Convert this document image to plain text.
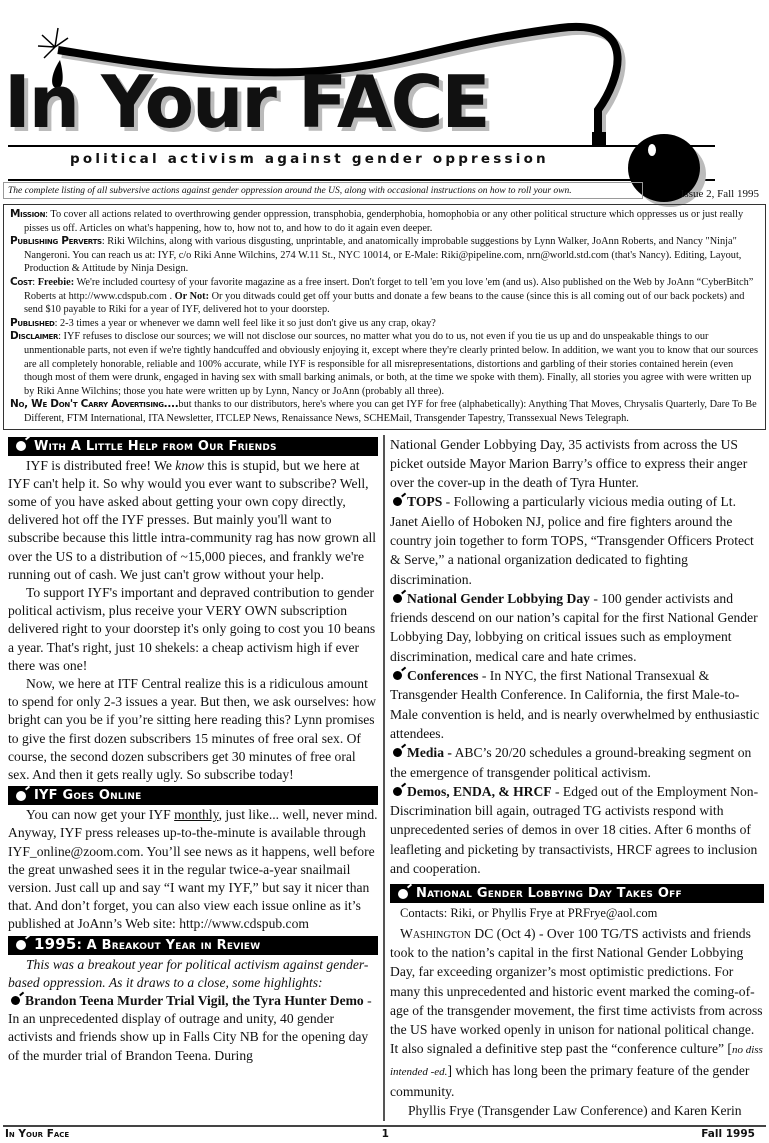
In Your FACE
political activism against gender oppression
The complete listing of all subversive actions against gender oppression around the US, along with occasional instructions on how to roll your own.	Issue 2, Fall 1995

Mission: To cover all actions related to overthrowing gender oppression, transphobia, genderphobia, homophobia or any other political structure which oppresses us or just really pisses us off. Articles on what's happening, how to, how not to, and how to do it again even deeper.

Publishing Perverts: Riki Wilchins, along with various disgusting, unprintable, and anatomically improbable suggestions by Lynn Walker, JoAnn Roberts, and Nancy "Ninja" Nangeroni. You can reach us at: IYF, c/o Riki Anne Wilchins, 274 W.11 St., NYC 10014, or E-Male: Riki@pipeline.com, nrn@world.std.com (that's Nancy). Editing, Layout, Production & Attitude by Ninja Design.

Cost: Freebie: We're included courtesy of your favorite magazine as a free insert. Don't forget to tell 'em you love 'em (and us). Also published on the Web by JoAnn “CyberBitch” Roberts at http://www.cdspub.com . Or Not: Or you ditwads could get off your butts and donate a few beans to the cause (since this is all coming out of our back pockets) and send $10 payable to Riki for a year of IYF, delivered hot to your doorstep.

Published: 2-3 times a year or whenever we damn well feel like it so just don't give us any crap, okay?

Disclaimer: IYF refuses to disclose our sources; we will not disclose our sources, no matter what you do to us, not even if you tie us up and do unspeakable things to our unmentionable parts, not even if we're tightly handcuffed and obviously enjoying it, except where they're clearly printed below. In addition, we want you to know that our sources are all completely honorable, reliable and 100% accurate, while IYF is responsible for all misrepresentations, distortions and garbling of their stories contained herein (even though most of them were drunk, engaged in having sex with small barking animals, or both, at the time we spoke with them). Finally, all stories you agree with were written up by Riki Anne Wilchins; those you hate were written up by Lynn, Nancy or JoAnn (probably all three).

No, We Don't Carry Advertising....but thanks to our distributors, here's where you can get IYF for free (alphabetically): Anything That Moves, Chrysalis Quarterly, Dare To Be Different, FTM International, ITA Newsletter, ITCLEP News, Renaissance News, SCHEMail, Transgender Tapestry, Transsexual News Telegraph.

With A Little Help from Our Friends

IYF is distributed free! We know this is stupid, but we here at IYF can't help it. So why would you ever want to subscribe? Well, some of you have asked about getting your own copy directly, delivered hot off the IYF presses. But mainly you'll want to subscribe because this little intra-community rag has now grown all over the US to a distribution of ~15,000 pieces, and frankly we're running out of cash. We just can't grow without your help.

To support IYF's important and depraved contribution to gender political activism, plus receive your VERY OWN subscription delivered right to your doorstep it's only going to cost you 10 beans a year. That's right, just 10 shekels: a cheap activism high if ever there was one!

Now, we here at ITF Central realize this is a ridiculous amount to spend for only 2-3 issues a year. But then, we ask ourselves: how bright can you be if you’re sitting here reading this? Lynn promises to give the first dozen subscribers 15 minutes of free oral sex. Of course, the second dozen subscribers get 30 minutes of free oral sex. And then it gets really ugly. So subscribe today!

IYF Goes Online

You can now get your IYF monthly, just like... well, never mind. Anyway, IYF press releases up-to-the-minute is available through IYF_online@zoom.com. You’ll see news as it happens, well before the great unwashed sees it in the regular twice-a-year snailmail version. Just call up and say “I want my IYF,” but say it nicer than that. And don’t forget, you can also view each issue online as it’s published at JoAnn’s Web site: http://www.cdspub.com

1995: A Breakout Year in Review

This was a breakout year for political activism against gender-based oppression. As it draws to a close, some highlights:

Brandon Teena Murder Trial Vigil, the Tyra Hunter Demo - In an unprecedented display of outrage and unity, 40 gender activists and friends show up in Falls City NB for the opening day of the murder trial of Brandon Teena. During

National Gender Lobbying Day, 35 activists from across the US picket outside Mayor Marion Barry’s office to express their anger over the cover-up in the death of Tyra Hunter.

TOPS - Following a particularly vicious media outing of Lt. Janet Aiello of Hoboken NJ, police and fire fighters around the country join together to form TOPS, “Transgender Officers Protect & Serve,” a national organization dedicated to fighting discrimination.

National Gender Lobbying Day - 100 gender activists and friends descend on our nation’s capital for the first National Gender Lobbying Day, lobbying on critical issues such as employment discrimination, medical care and hate crimes.

Conferences - In NYC, the first National Transexual & Transgender Health Conference. In California, the first Male-to-Male convention is held, and is nearly overwhelmed by enthusiastic attendees.

Media - ABC’s 20/20 schedules a ground-breaking segment on the emergence of transgender political activism.

Demos, ENDA, & HRCF - Edged out of the Employment Non-Discrimination bill again, outraged TG activists respond with unprecedented series of demos in over 18 cities. After 6 months of leafleting and picketing by transactivists, HRCF agrees to inclusion and cooperation.

National Gender Lobbying Day Takes Off

Contacts: Riki, or Phyllis Frye at PRFrye@aol.com

Washington DC (Oct 4) - Over 100 TG/TS activists and friends took to the nation’s capital in the first National Gender Lobbying Day, far exceeding organizer’s most optimistic predictions. For many this unprecedented and historic event marked the coming-of-age of the transgender movement, the first time activists from across the US have worked openly in unison for national political change. It also signaled a definitive step past the “conference culture” [no diss intended -ed.] which has long been the primary feature of the gender community.

Phyllis Frye (Transgender Law Conference) and Karen Kerin

In Your Face	1	Fall 1995
